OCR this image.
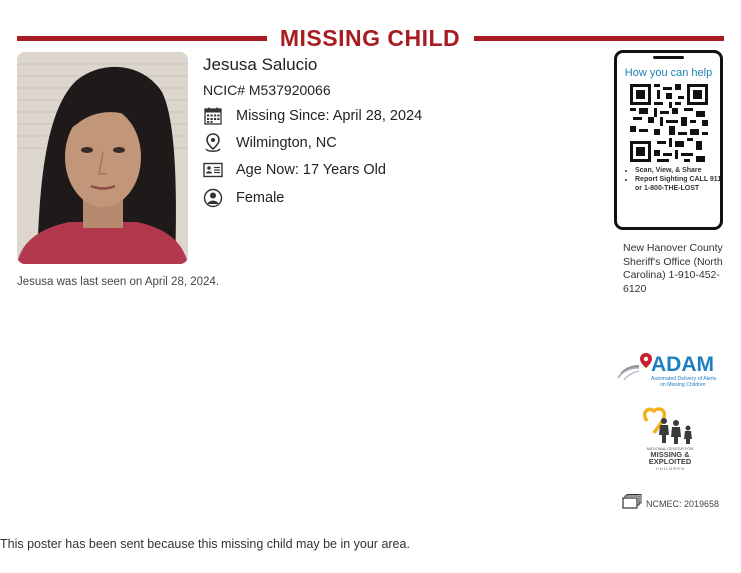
MISSING CHILD
Jesusa Salucio
NCIC# M537920066
Missing Since: April 28, 2024
Wilmington, NC
Age Now: 17 Years Old
Female
Jesusa was last seen on April 28, 2024.
How you can help
• Scan, View, & Share
• Report Sighting CALL 911 or 1-800-THE-LOST
New Hanover County Sheriff's Office (North Carolina) 1-910-452-6120
ADAM
Automated Delivery of Alerts
on Missing Children
NATIONAL CENTER FOR
MISSING &
EXPLOITED
C H I L D R E N
NCMEC: 2019658
This poster has been sent because this missing child may be in your area.
